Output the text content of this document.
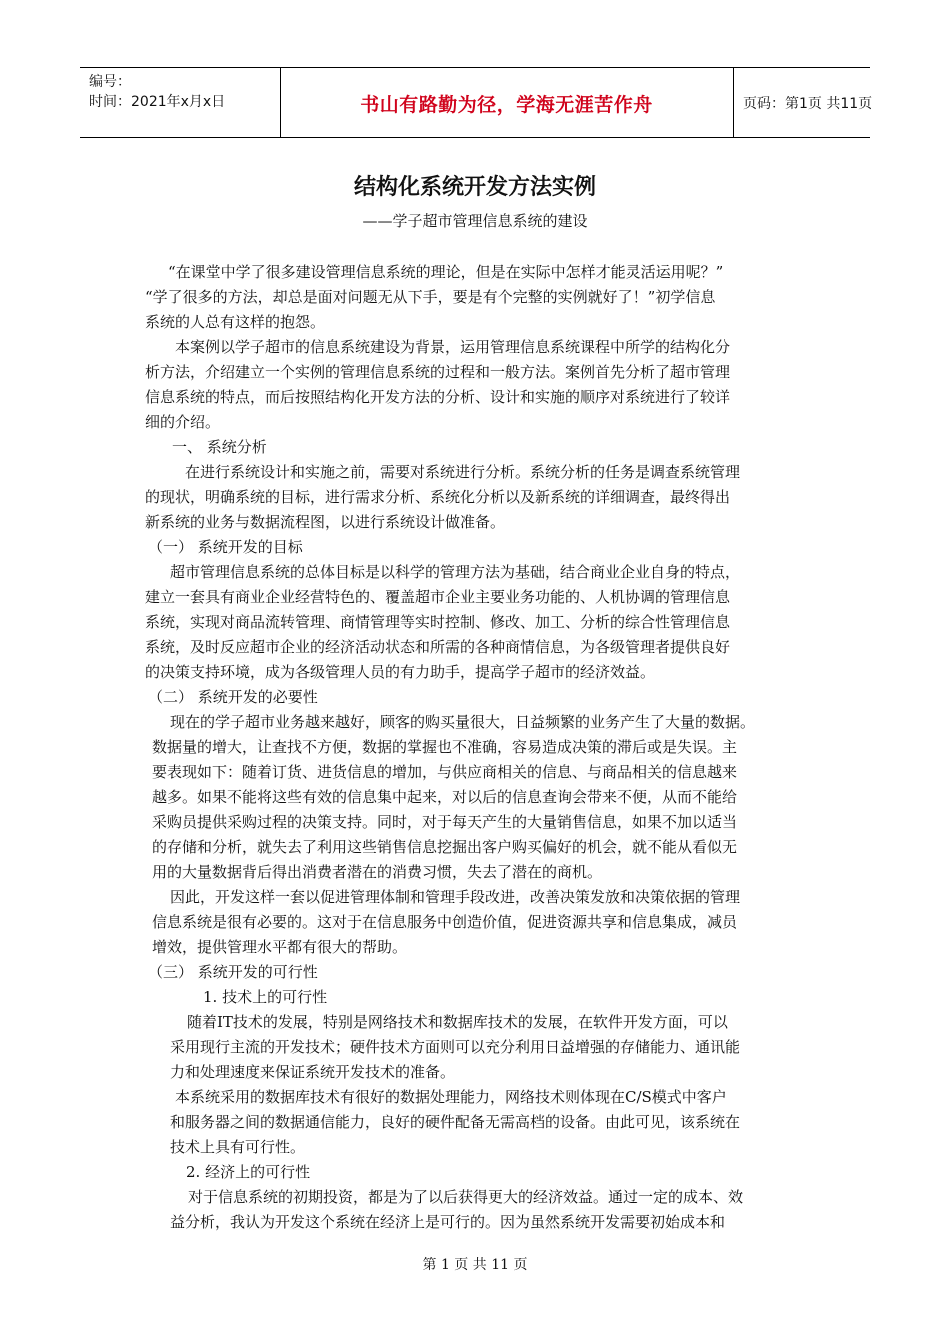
编号：
时间：2021年x月x日	书山有路勤为径，学海无涯苦作舟	页码：第1页 共11页
结构化系统开发方法实例
——学子超市管理信息系统的建设
“在课堂中学了很多建设管理信息系统的理论，但是在实际中怎样才能灵活运用呢？”
“学了很多的方法，却总是面对问题无从下手，要是有个完整的实例就好了！”初学信息
系统的人总有这样的抱怨。
本案例以学子超市的信息系统建设为背景，运用管理信息系统课程中所学的结构化分
析方法，介绍建立一个实例的管理信息系统的过程和一般方法。案例首先分析了超市管理
信息系统的特点，而后按照结构化开发方法的分析、设计和实施的顺序对系统进行了较详
细的介绍。
一、 系统分析
在进行系统设计和实施之前，需要对系统进行分析。系统分析的任务是调查系统管理
的现状，明确系统的目标，进行需求分析、系统化分析以及新系统的详细调查，最终得出
新系统的业务与数据流程图，以进行系统设计做准备。
（一） 系统开发的目标
超市管理信息系统的总体目标是以科学的管理方法为基础，结合商业企业自身的特点，
建立一套具有商业企业经营特色的、覆盖超市企业主要业务功能的、人机协调的管理信息
系统，实现对商品流转管理、商情管理等实时控制、修改、加工、分析的综合性管理信息
系统，及时反应超市企业的经济活动状态和所需的各种商情信息，为各级管理者提供良好
的决策支持环境，成为各级管理人员的有力助手，提高学子超市的经济效益。
（二） 系统开发的必要性
现在的学子超市业务越来越好，顾客的购买量很大，日益频繁的业务产生了大量的数据。
数据量的增大，让查找不方便，数据的掌握也不准确，容易造成决策的滞后或是失误。主
要表现如下：随着订货、进货信息的增加，与供应商相关的信息、与商品相关的信息越来
越多。如果不能将这些有效的信息集中起来，对以后的信息查询会带来不便，从而不能给
采购员提供采购过程的决策支持。同时，对于每天产生的大量销售信息，如果不加以适当
的存储和分析，就失去了利用这些销售信息挖掘出客户购买偏好的机会，就不能从看似无
用的大量数据背后得出消费者潜在的消费习惯，失去了潜在的商机。
因此，开发这样一套以促进管理体制和管理手段改进，改善决策发放和决策依据的管理
信息系统是很有必要的。这对于在信息服务中创造价值，促进资源共享和信息集成，减员
增效，提供管理水平都有很大的帮助。
（三） 系统开发的可行性
1. 技术上的可行性
随着IT技术的发展，特别是网络技术和数据库技术的发展，在软件开发方面，可以
采用现行主流的开发技术；硬件技术方面则可以充分利用日益增强的存储能力、通讯能
力和处理速度来保证系统开发技术的准备。
本系统采用的数据库技术有很好的数据处理能力，网络技术则体现在C/S模式中客户
和服务器之间的数据通信能力，良好的硬件配备无需高档的设备。由此可见，该系统在
技术上具有可行性。
2. 经济上的可行性
对于信息系统的初期投资，都是为了以后获得更大的经济效益。通过一定的成本、效
益分析，我认为开发这个系统在经济上是可行的。因为虽然系统开发需要初始成本和
第 1 页 共 11 页
